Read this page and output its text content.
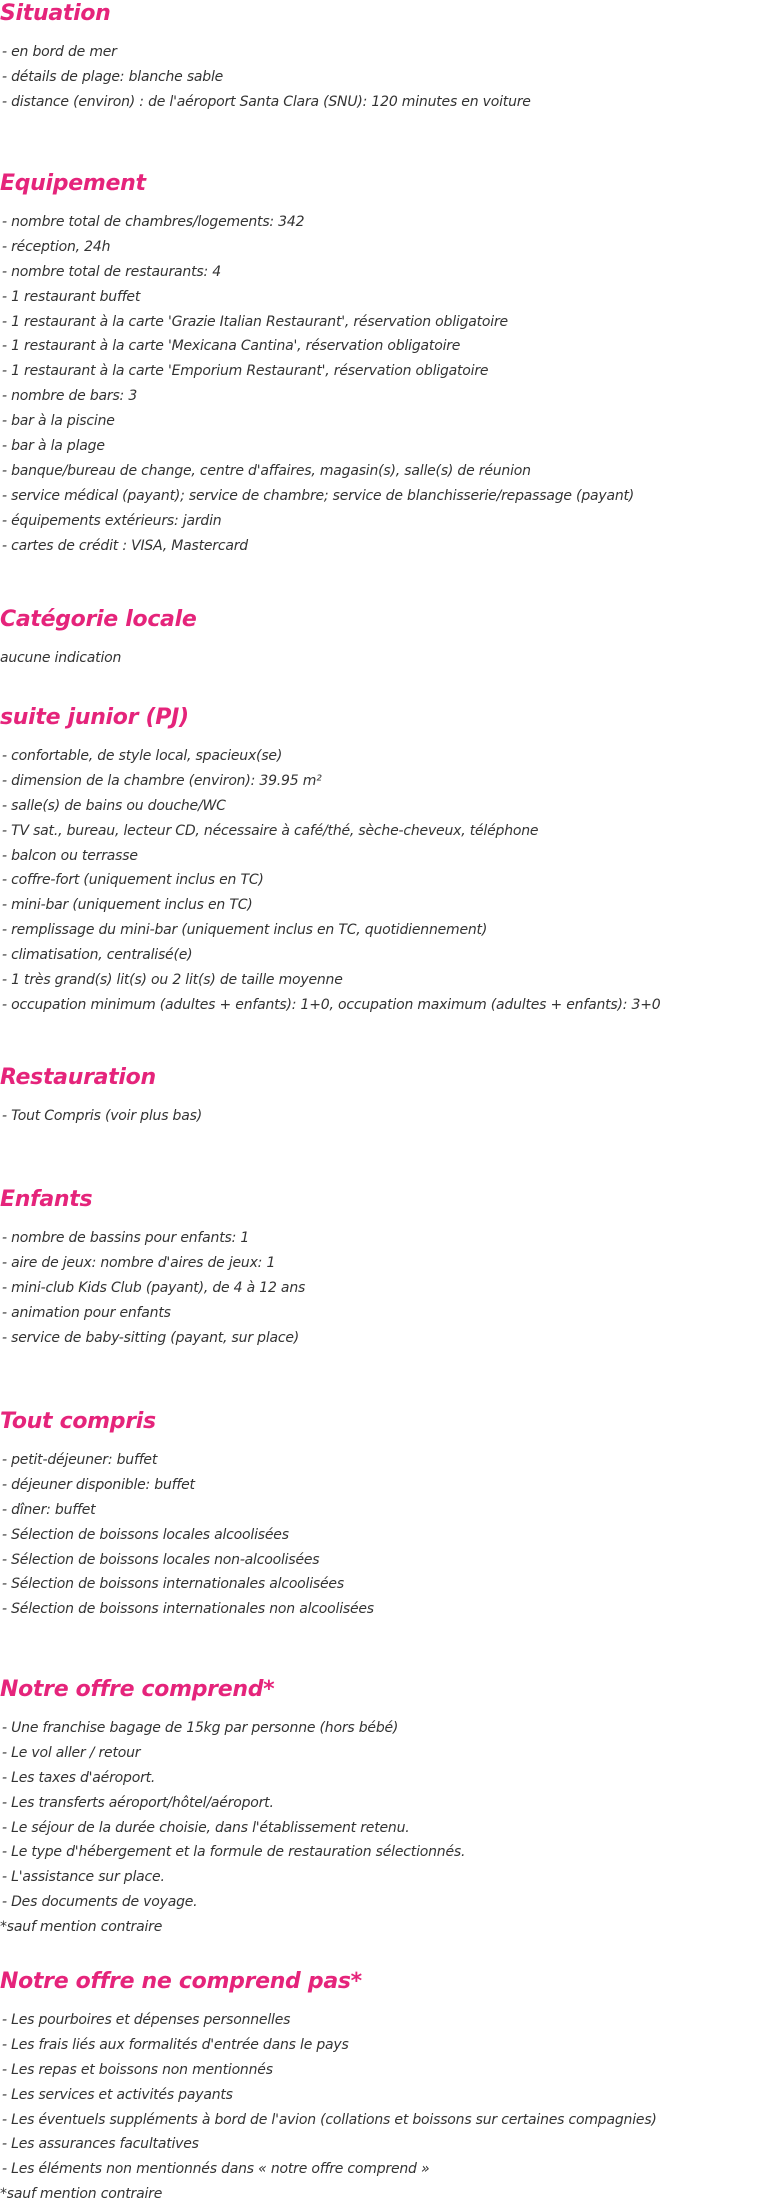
Situation
- en bord de mer
- détails de plage: blanche sable
- distance (environ) : de l'aéroport Santa Clara (SNU): 120 minutes en voiture
Equipement
- nombre total de chambres/logements: 342
- réception, 24h
- nombre total de restaurants: 4
- 1 restaurant buffet
- 1 restaurant à la carte 'Grazie Italian Restaurant', réservation obligatoire
- 1 restaurant à la carte 'Mexicana Cantina', réservation obligatoire
- 1 restaurant à la carte 'Emporium Restaurant', réservation obligatoire
- nombre de bars: 3
- bar à la piscine
- bar à la plage
- banque/bureau de change, centre d'affaires, magasin(s), salle(s) de réunion
- service médical (payant); service de chambre; service de blanchisserie/repassage (payant)
- équipements extérieurs: jardin
- cartes de crédit : VISA, Mastercard
Catégorie locale
aucune indication
suite junior (PJ)
- confortable, de style local, spacieux(se)
- dimension de la chambre (environ): 39.95 m²
- salle(s) de bains ou douche/WC
- TV sat., bureau, lecteur CD, nécessaire à café/thé, sèche-cheveux, téléphone
- balcon ou terrasse
- coffre-fort (uniquement inclus en TC)
- mini-bar (uniquement inclus en TC)
- remplissage du mini-bar (uniquement inclus en TC, quotidiennement)
- climatisation, centralisé(e)
- 1 très grand(s) lit(s) ou 2 lit(s) de taille moyenne
- occupation minimum (adultes + enfants): 1+0, occupation maximum (adultes + enfants): 3+0
Restauration
- Tout Compris (voir plus bas)
Enfants
- nombre de bassins pour enfants: 1
- aire de jeux: nombre d'aires de jeux: 1
- mini-club Kids Club (payant), de 4 à 12 ans
- animation pour enfants
- service de baby-sitting (payant, sur place)
Tout compris
- petit-déjeuner: buffet
- déjeuner disponible: buffet
- dîner: buffet
- Sélection de boissons locales alcoolisées
- Sélection de boissons locales non-alcoolisées
- Sélection de boissons internationales alcoolisées
- Sélection de boissons internationales non alcoolisées
Notre offre comprend*
- Une franchise bagage de 15kg par personne (hors bébé)
- Le vol aller / retour
- Les taxes d'aéroport.
- Les transferts aéroport/hôtel/aéroport.
- Le séjour de la durée choisie, dans l'établissement retenu.
- Le type d'hébergement et la formule de restauration sélectionnés.
- L'assistance sur place.
- Des documents de voyage.
*sauf mention contraire
Notre offre ne comprend pas*
- Les pourboires et dépenses personnelles
- Les frais liés aux formalités d'entrée dans le pays
- Les repas et boissons non mentionnés
- Les services et activités payants
- Les éventuels suppléments à bord de l'avion (collations et boissons sur certaines compagnies)
- Les assurances facultatives
- Les éléments non mentionnés dans « notre offre comprend »
*sauf mention contraire
